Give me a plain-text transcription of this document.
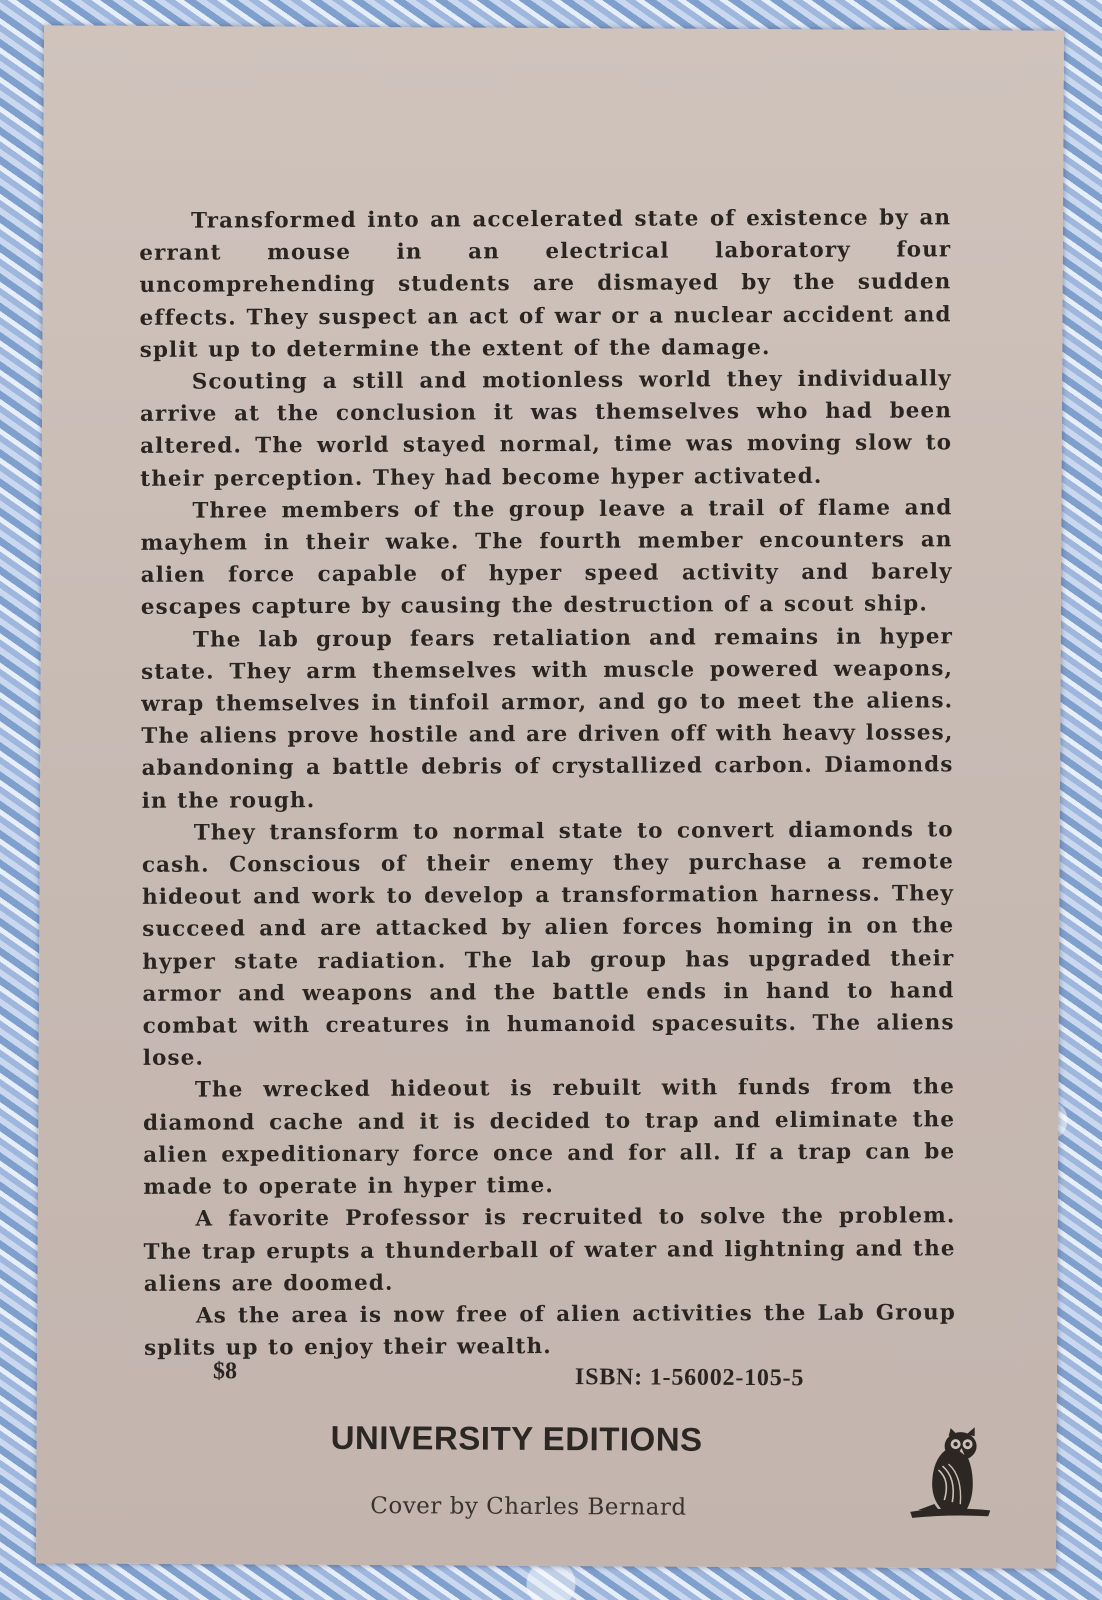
Transformed into an accelerated state of existence by an errant mouse in an electrical laboratory four uncomprehending students are dismayed by the sudden effects. They suspect an act of war or a nuclear accident and split up to determine the extent of the damage.

Scouting a still and motionless world they individually arrive at the conclusion it was themselves who had been altered. The world stayed normal, time was moving slow to their perception. They had become hyper activated.

Three members of the group leave a trail of flame and mayhem in their wake. The fourth member encounters an alien force capable of hyper speed activity and barely escapes capture by causing the destruction of a scout ship.

The lab group fears retaliation and remains in hyper state. They arm themselves with muscle powered weapons, wrap themselves in tinfoil armor, and go to meet the aliens. The aliens prove hostile and are driven off with heavy losses, abandoning a battle debris of crystallized carbon. Diamonds in the rough.

They transform to normal state to convert diamonds to cash. Conscious of their enemy they purchase a remote hideout and work to develop a transformation harness. They succeed and are attacked by alien forces homing in on the hyper state radiation. The lab group has upgraded their armor and weapons and the battle ends in hand to hand combat with creatures in humanoid spacesuits. The aliens lose.

The wrecked hideout is rebuilt with funds from the diamond cache and it is decided to trap and eliminate the alien expeditionary force once and for all. If a trap can be made to operate in hyper time.

A favorite Professor is recruited to solve the problem. The trap erupts a thunderball of water and lightning and the aliens are doomed.

As the area is now free of alien activities the Lab Group splits up to enjoy their wealth.

$8	ISBN: 1-56002-105-5
UNIVERSITY EDITIONS
Cover by Charles Bernard
